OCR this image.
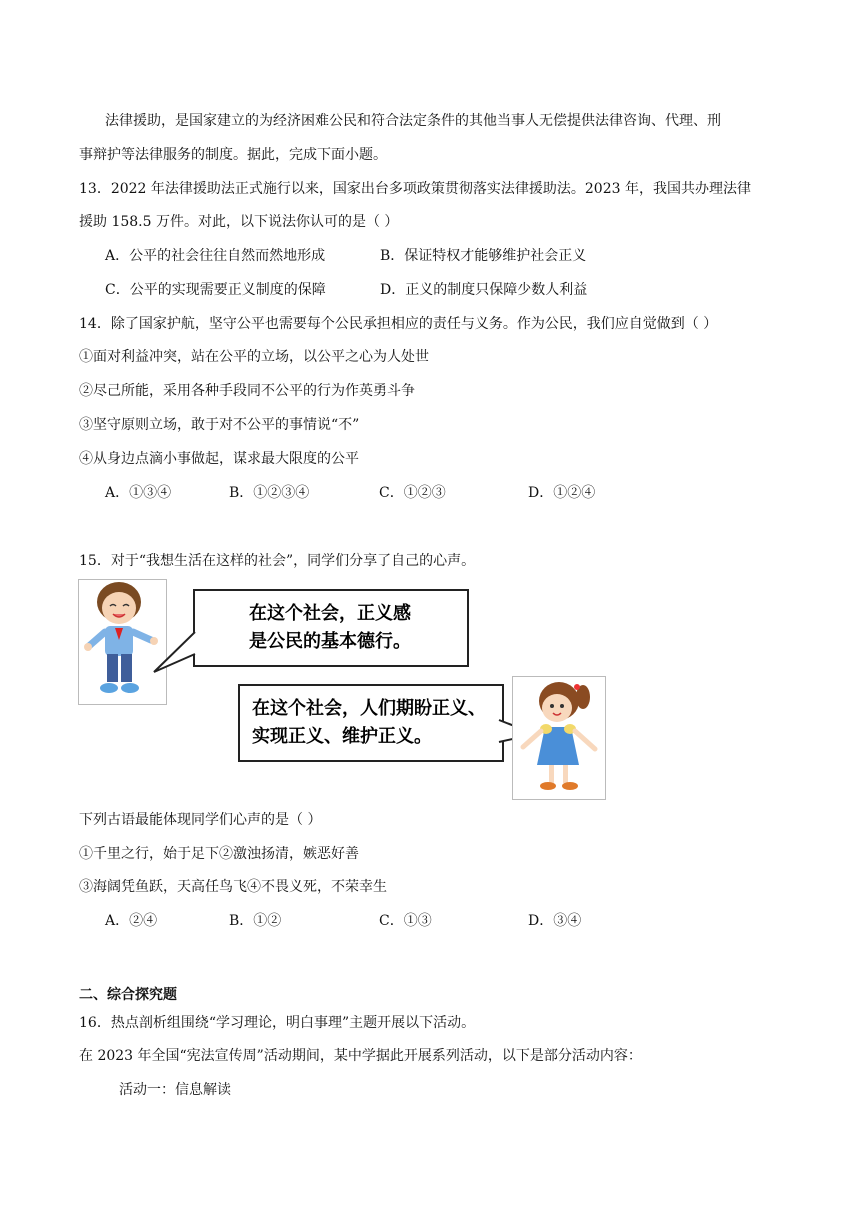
法律援助，是国家建立的为经济困难公民和符合法定条件的其他当事人无偿提供法律咨询、代理、刑
事辩护等法律服务的制度。据此，完成下面小题。
13．2022 年法律援助法正式施行以来，国家出台多项政策贯彻落实法律援助法。2023 年，我国共办理法律
援助 158.5 万件。对此，以下说法你认可的是（ ）
A．公平的社会往往自然而然地形成	B．保证特权才能够维护社会正义
C．公平的实现需要正义制度的保障	D．正义的制度只保障少数人利益
14．除了国家护航，坚守公平也需要每个公民承担相应的责任与义务。作为公民，我们应自觉做到（ ）
①面对利益冲突，站在公平的立场，以公平之心为人处世
②尽己所能，采用各种手段同不公平的行为作英勇斗争
③坚守原则立场，敢于对不公平的事情说“不”
④从身边点滴小事做起，谋求最大限度的公平
A．①③④	B．①②③④	C．①②③	D．①②④
15．对于“我想生活在这样的社会”，同学们分享了自己的心声。
在这个社会，正义感
是公民的基本德行。
在这个社会，人们期盼正义、
实现正义、维护正义。
下列古语最能体现同学们心声的是（ ）
①千里之行，始于足下②激浊扬清，嫉恶好善
③海阔凭鱼跃，天高任鸟飞④不畏义死，不荣幸生
A．②④	B．①②	C．①③	D．③④
二、综合探究题
16．热点剖析组围绕“学习理论，明白事理”主题开展以下活动。
在 2023 年全国“宪法宣传周”活动期间，某中学据此开展系列活动，以下是部分活动内容：
活动一：信息解读
